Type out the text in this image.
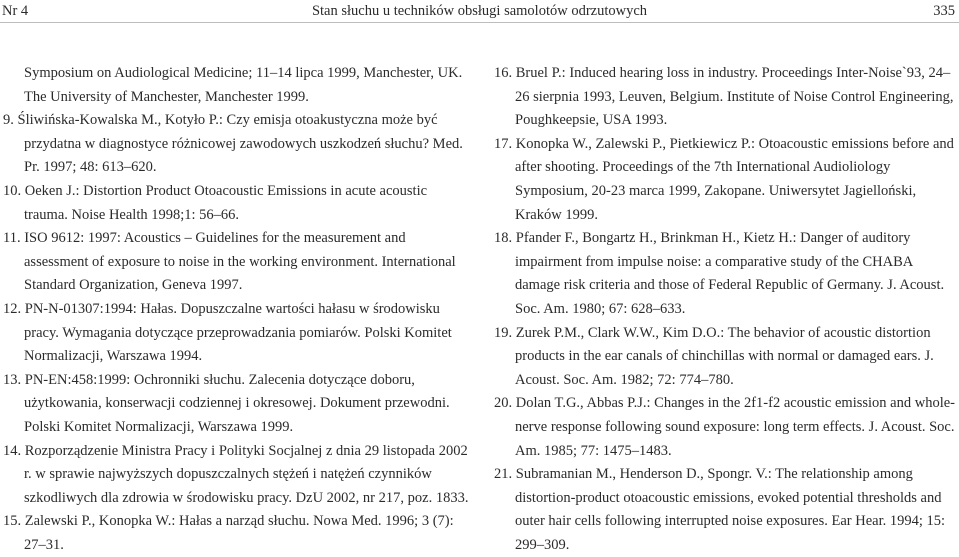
Nr 4	Stan słuchu u techników obsługi samolotów odrzutowych	335
Symposium on Audiological Medicine; 11–14 lipca 1999, Manchester, UK. The University of Manchester, Manchester 1999.
9. Śliwińska-Kowalska M., Kotyło P.: Czy emisja otoakustyczna może być przydatna w diagnostyce różnicowej zawodowych uszkodzeń słuchu? Med. Pr. 1997; 48: 613–620.
10. Oeken J.: Distortion Product Otoacoustic Emissions in acute acoustic trauma. Noise Health 1998;1: 56–66.
11. ISO 9612: 1997: Acoustics – Guidelines for the measurement and assessment of exposure to noise in the working environment. International Standard Organization, Geneva 1997.
12. PN-N-01307:1994: Hałas. Dopuszczalne wartości hałasu w środowisku pracy. Wymagania dotyczące przeprowadzania pomiarów. Polski Komitet Normalizacji, Warszawa 1994.
13. PN-EN:458:1999: Ochronniki słuchu. Zalecenia dotyczące doboru, użytkowania, konserwacji codziennej i okresowej. Dokument przewodni. Polski Komitet Normalizacji, Warszawa 1999.
14. Rozporządzenie Ministra Pracy i Polityki Socjalnej z dnia 29 listopada 2002 r. w sprawie najwyższych dopuszczalnych stężeń i natężeń czynników szkodliwych dla zdrowia w środowisku pracy. DzU 2002, nr 217, poz. 1833.
15. Zalewski P., Konopka W.: Hałas a narząd słuchu. Nowa Med. 1996; 3 (7): 27–31.
16. Bruel P.: Induced hearing loss in industry. Proceedings Inter-Noise`93, 24–26 sierpnia 1993, Leuven, Belgium. Institute of Noise Control Engineering, Poughkeepsie, USA 1993.
17. Konopka W., Zalewski P., Pietkiewicz P.: Otoacoustic emissions before and after shooting. Proceedings of the 7th International Audioliology Symposium, 20-23 marca 1999, Zakopane. Uniwersytet Jagielloński, Kraków 1999.
18. Pfander F., Bongartz H., Brinkman H., Kietz H.: Danger of auditory impairment from impulse noise: a comparative study of the CHABA damage risk criteria and those of Federal Republic of Germany. J. Acoust. Soc. Am. 1980; 67: 628–633.
19. Zurek P.M., Clark W.W., Kim D.O.: The behavior of acoustic distortion products in the ear canals of chinchillas with normal or damaged ears. J. Acoust. Soc. Am. 1982; 72: 774–780.
20. Dolan T.G., Abbas P.J.: Changes in the 2f1-f2 acoustic emission and whole-nerve response following sound exposure: long term effects. J. Acoust. Soc. Am. 1985; 77: 1475–1483.
21. Subramanian M., Henderson D., Spongr. V.: The relationship among distortion-product otoacoustic emissions, evoked potential thresholds and outer hair cells following interrupted noise exposures. Ear Hear. 1994; 15: 299–309.
